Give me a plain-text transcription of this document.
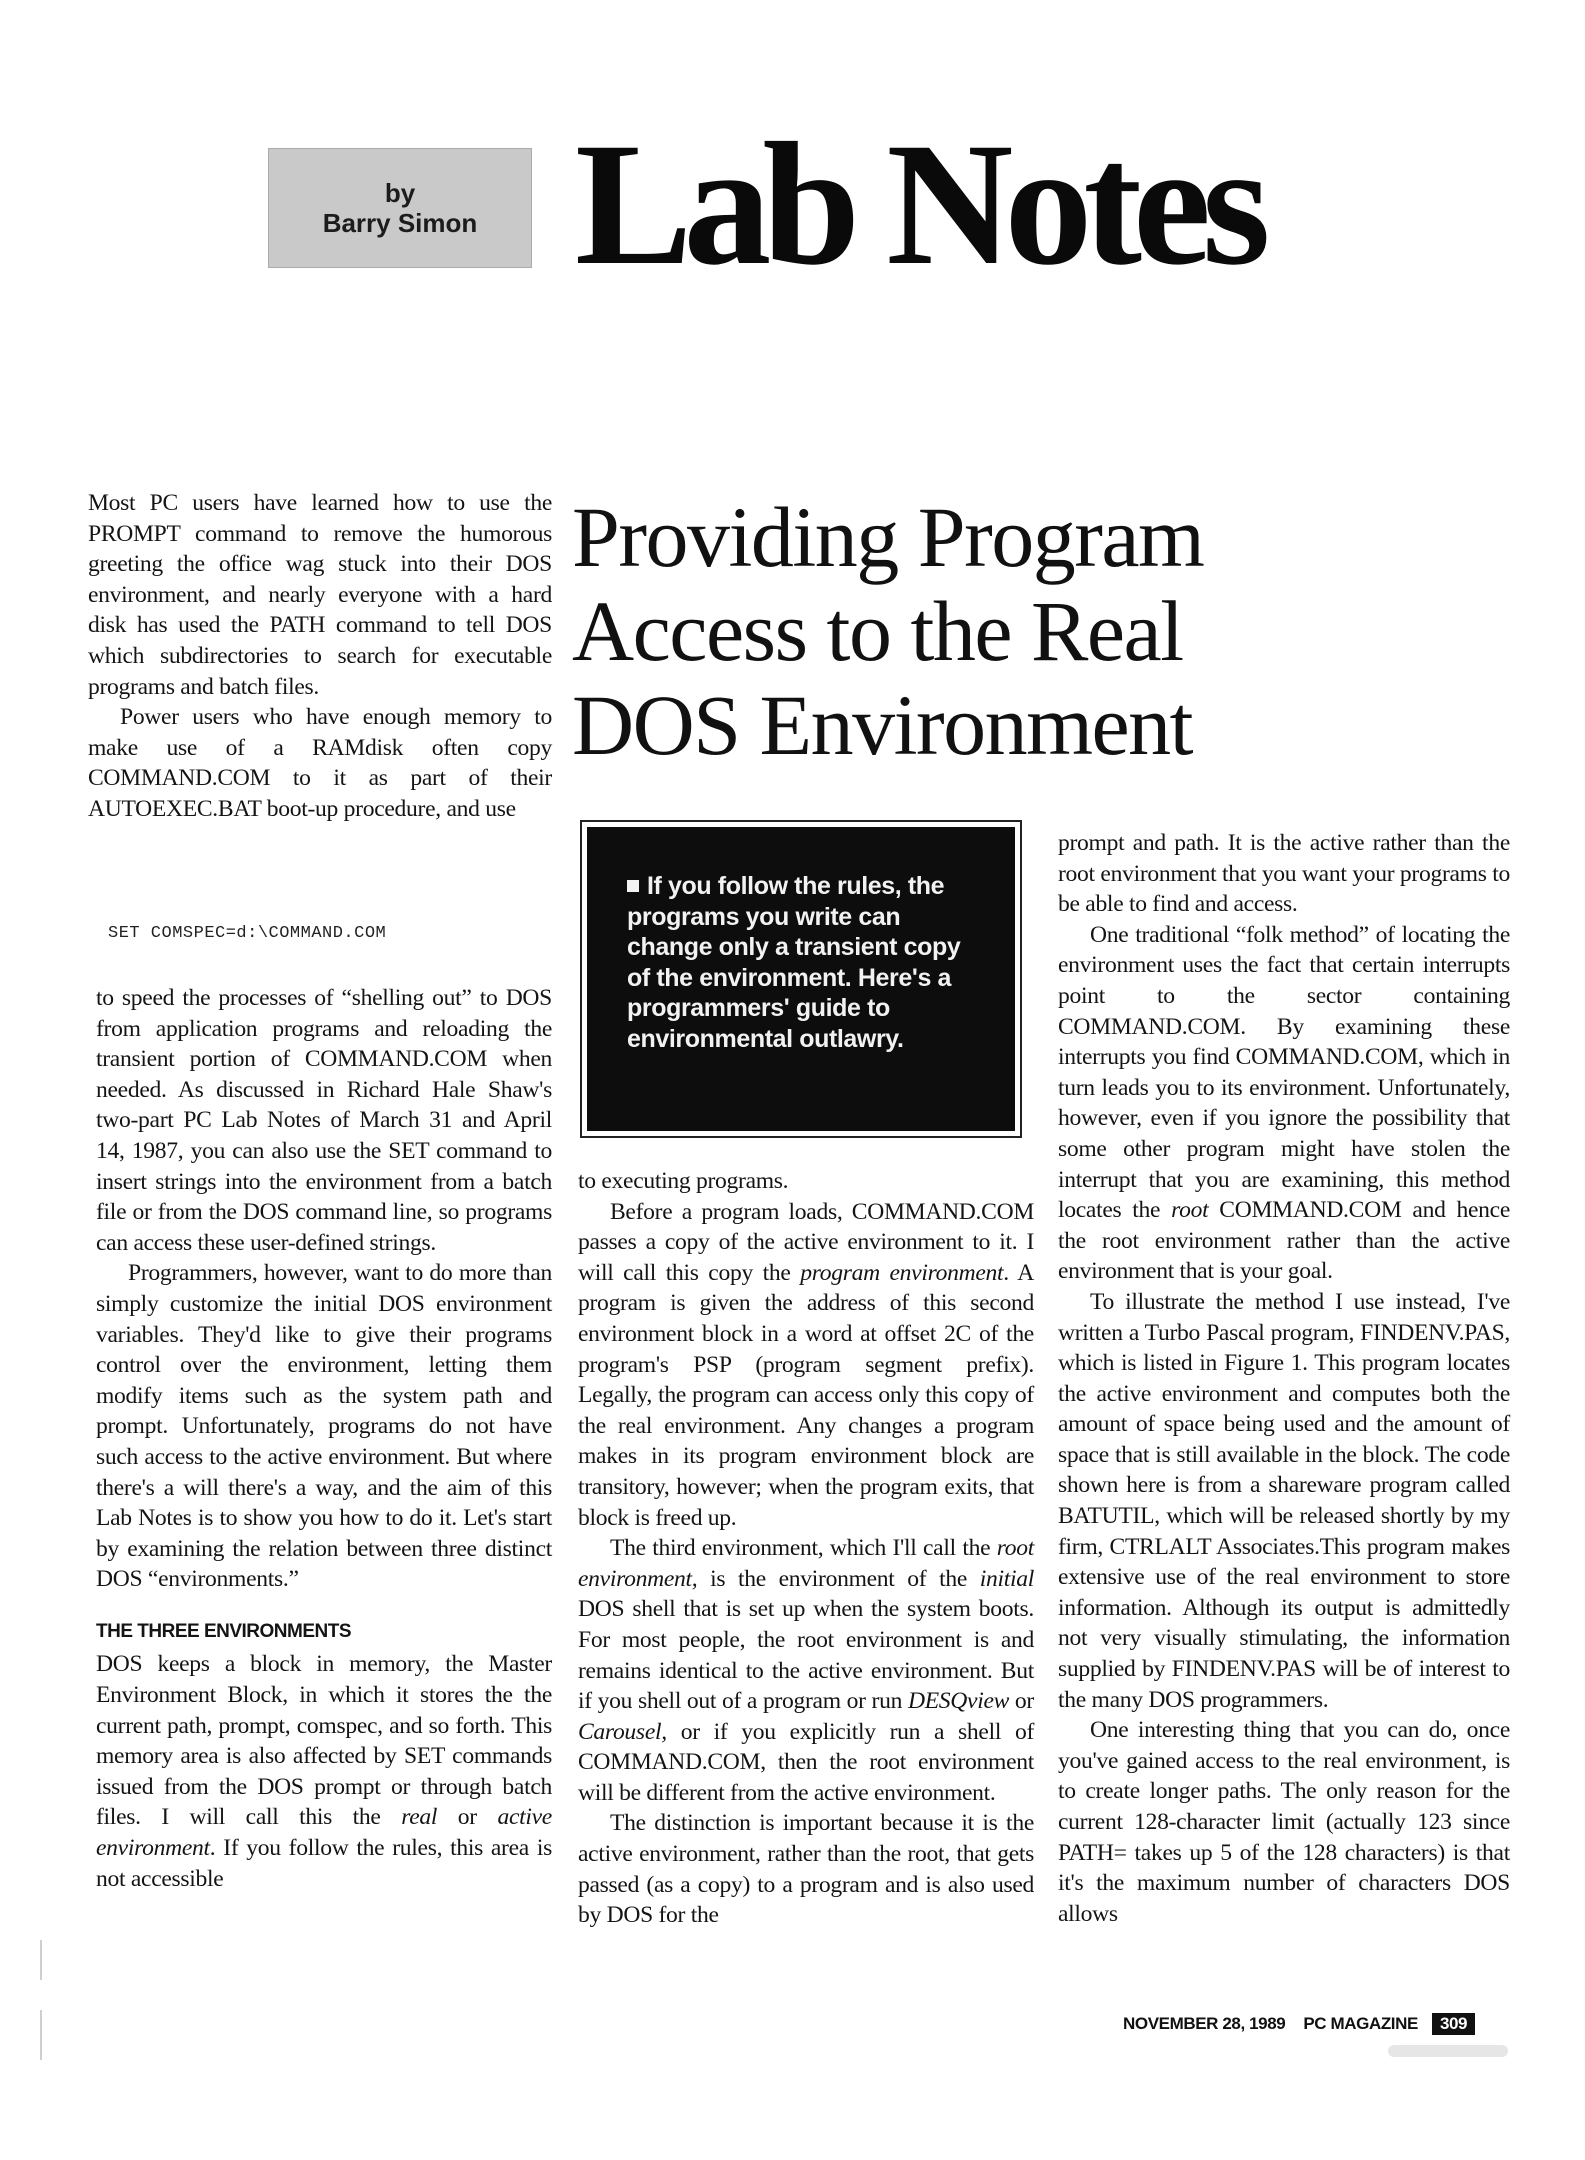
by
Barry Simon Lab Notes
Providing Program
Access to the Real
DOS Environment

Most PC users have learned how to use the PROMPT command to remove the humorous greeting the office wag stuck into their DOS environment, and nearly everyone with a hard disk has used the PATH command to tell DOS which subdirectories to search for executable programs and batch files.

Power users who have enough memory to make use of a RAMdisk often copy COMMAND.COM to it as part of their AUTOEXEC.BAT boot-up procedure, and use

SET COMSPEC=d:\COMMAND.COM

to speed the processes of “shelling out” to DOS from application programs and reloading the transient portion of COMMAND.COM when needed. As discussed in Richard Hale Shaw's two-part PC Lab Notes of March 31 and April 14, 1987, you can also use the SET command to insert strings into the environment from a batch file or from the DOS command line, so programs can access these user-defined strings.

Programmers, however, want to do more than simply customize the initial DOS environment variables. They'd like to give their programs control over the environment, letting them modify items such as the system path and prompt. Unfortunately, programs do not have such access to the active environment. But where there's a will there's a way, and the aim of this Lab Notes is to show you how to do it. Let's start by examining the relation between three distinct DOS “environments.”

THE THREE ENVIRONMENTS

DOS keeps a block in memory, the Master Environment Block, in which it stores the the current path, prompt, comspec, and so forth. This memory area is also affected by SET commands issued from the DOS prompt or through batch files. I will call this the real or active environment. If you follow the rules, this area is not accessible

If you follow the rules, the programs you write can change only a transient copy of the environment. Here's a programmers' guide to environmental outlawry.

to executing programs.

Before a program loads, COMMAND.COM passes a copy of the active environment to it. I will call this copy the program environment. A program is given the address of this second environment block in a word at offset 2C of the program's PSP (program segment prefix). Legally, the program can access only this copy of the real environment. Any changes a program makes in its program environment block are transitory, however; when the program exits, that block is freed up.

The third environment, which I'll call the root environment, is the environment of the initial DOS shell that is set up when the system boots. For most people, the root environment is and remains identical to the active environment. But if you shell out of a program or run DESQview or Carousel, or if you explicitly run a shell of COMMAND.COM, then the root environment will be different from the active environment.

The distinction is important because it is the active environment, rather than the root, that gets passed (as a copy) to a program and is also used by DOS for the

prompt and path. It is the active rather than the root environment that you want your programs to be able to find and access.

One traditional “folk method” of locating the environment uses the fact that certain interrupts point to the sector containing COMMAND.COM. By examining these interrupts you find COMMAND.COM, which in turn leads you to its environment. Unfortunately, however, even if you ignore the possibility that some other program might have stolen the interrupt that you are examining, this method locates the root COMMAND.COM and hence the root environment rather than the active environment that is your goal.

To illustrate the method I use instead, I've written a Turbo Pascal program, FINDENV.PAS, which is listed in Figure 1. This program locates the active environment and computes both the amount of space being used and the amount of space that is still available in the block. The code shown here is from a shareware program called BATUTIL, which will be released shortly by my firm, CTRLALT Associates.This program makes extensive use of the real environment to store information. Although its output is admittedly not very visually stimulating, the information supplied by FINDENV.PAS will be of interest to the many DOS programmers.

One interesting thing that you can do, once you've gained access to the real environment, is to create longer paths. The only reason for the current 128-character limit (actually 123 since PATH= takes up 5 of the 128 characters) is that it's the maximum number of characters DOS allows

NOVEMBER 28, 1989 PC MAGAZINE	309
